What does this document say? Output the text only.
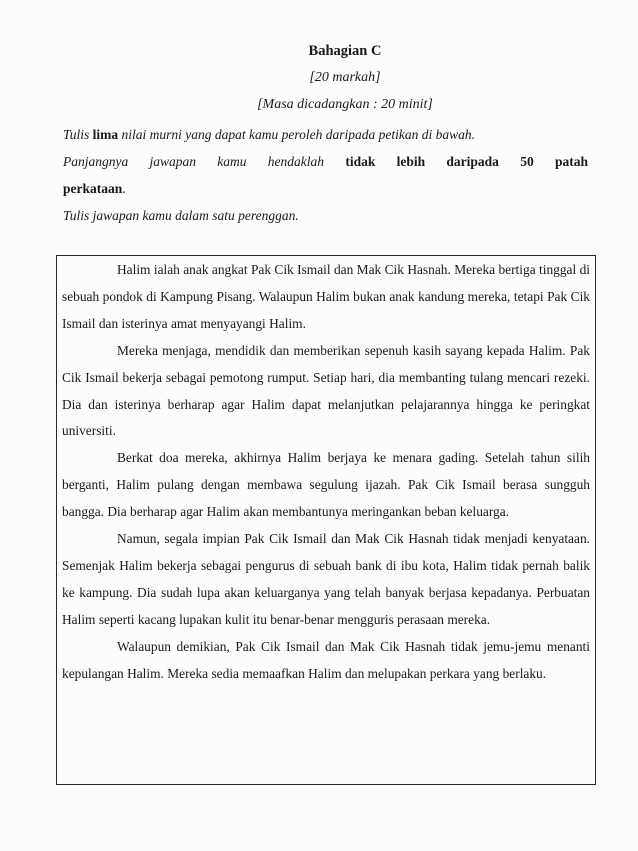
Bahagian C
[20 markah]
[Masa dicadangkan : 20 minit]
Tulis lima nilai murni yang dapat kamu peroleh daripada petikan di bawah.
Panjangnya jawapan kamu hendaklah tidak lebih daripada 50 patah
perkataan.
Tulis jawapan kamu dalam satu perenggan.

Halim ialah anak angkat Pak Cik Ismail dan Mak Cik Hasnah. Mereka bertiga tinggal di sebuah pondok di Kampung Pisang. Walaupun Halim bukan anak kandung mereka, tetapi Pak Cik Ismail dan isterinya amat menyayangi Halim.

Mereka menjaga, mendidik dan memberikan sepenuh kasih sayang kepada Halim. Pak Cik Ismail bekerja sebagai pemotong rumput. Setiap hari, dia membanting tulang mencari rezeki. Dia dan isterinya berharap agar Halim dapat melanjutkan pelajarannya hingga ke peringkat universiti.

Berkat doa mereka, akhirnya Halim berjaya ke menara gading. Setelah tahun silih berganti, Halim pulang dengan membawa segulung ijazah. Pak Cik Ismail berasa sungguh bangga. Dia berharap agar Halim akan membantunya meringankan beban keluarga.

Namun, segala impian Pak Cik Ismail dan Mak Cik Hasnah tidak menjadi kenyataan. Semenjak Halim bekerja sebagai pengurus di sebuah bank di ibu kota, Halim tidak pernah balik ke kampung. Dia sudah lupa akan keluarganya yang telah banyak berjasa kepadanya. Perbuatan Halim seperti kacang lupakan kulit itu benar-benar mengguris perasaan mereka.

Walaupun demikian, Pak Cik Ismail dan Mak Cik Hasnah tidak jemu-jemu menanti kepulangan Halim. Mereka sedia memaafkan Halim dan melupakan perkara yang berlaku.
